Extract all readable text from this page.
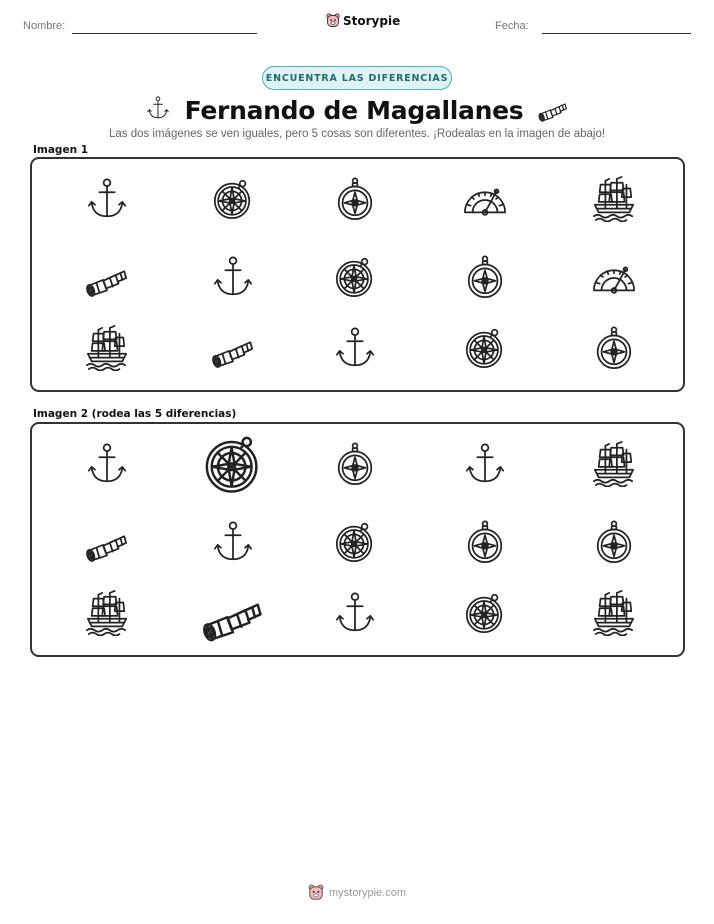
Nombre:	Storypie	Fecha:
ENCUENTRA LAS DIFERENCIAS
Fernando de Magallanes
Las dos imágenes se ven iguales, pero 5 cosas son diferentes. ¡Rodealas en la imagen de abajo!
Imagen 1
Imagen 2 (rodea las 5 diferencias)
mystorypie.com
